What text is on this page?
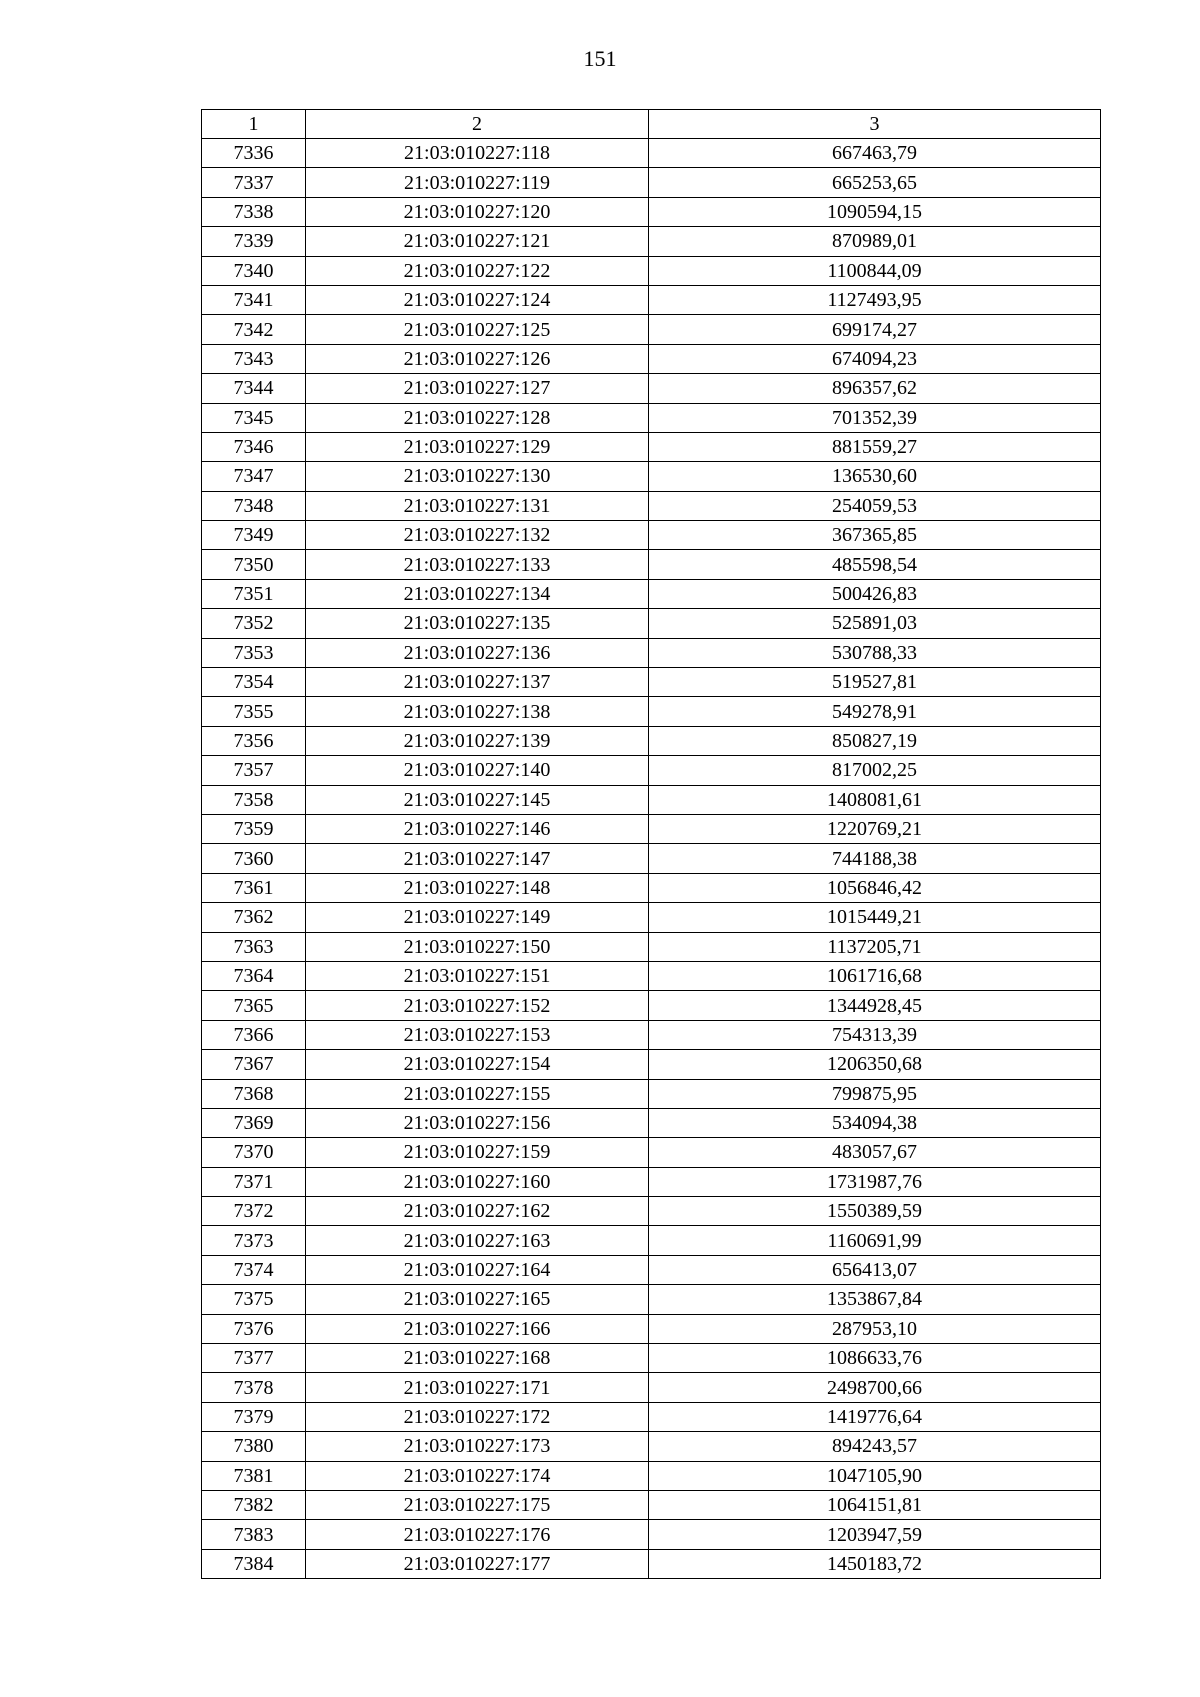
151
1	2	3
7336	21:03:010227:118	667463,79
7337	21:03:010227:119	665253,65
7338	21:03:010227:120	1090594,15
7339	21:03:010227:121	870989,01
7340	21:03:010227:122	1100844,09
7341	21:03:010227:124	1127493,95
7342	21:03:010227:125	699174,27
7343	21:03:010227:126	674094,23
7344	21:03:010227:127	896357,62
7345	21:03:010227:128	701352,39
7346	21:03:010227:129	881559,27
7347	21:03:010227:130	136530,60
7348	21:03:010227:131	254059,53
7349	21:03:010227:132	367365,85
7350	21:03:010227:133	485598,54
7351	21:03:010227:134	500426,83
7352	21:03:010227:135	525891,03
7353	21:03:010227:136	530788,33
7354	21:03:010227:137	519527,81
7355	21:03:010227:138	549278,91
7356	21:03:010227:139	850827,19
7357	21:03:010227:140	817002,25
7358	21:03:010227:145	1408081,61
7359	21:03:010227:146	1220769,21
7360	21:03:010227:147	744188,38
7361	21:03:010227:148	1056846,42
7362	21:03:010227:149	1015449,21
7363	21:03:010227:150	1137205,71
7364	21:03:010227:151	1061716,68
7365	21:03:010227:152	1344928,45
7366	21:03:010227:153	754313,39
7367	21:03:010227:154	1206350,68
7368	21:03:010227:155	799875,95
7369	21:03:010227:156	534094,38
7370	21:03:010227:159	483057,67
7371	21:03:010227:160	1731987,76
7372	21:03:010227:162	1550389,59
7373	21:03:010227:163	1160691,99
7374	21:03:010227:164	656413,07
7375	21:03:010227:165	1353867,84
7376	21:03:010227:166	287953,10
7377	21:03:010227:168	1086633,76
7378	21:03:010227:171	2498700,66
7379	21:03:010227:172	1419776,64
7380	21:03:010227:173	894243,57
7381	21:03:010227:174	1047105,90
7382	21:03:010227:175	1064151,81
7383	21:03:010227:176	1203947,59
7384	21:03:010227:177	1450183,72
